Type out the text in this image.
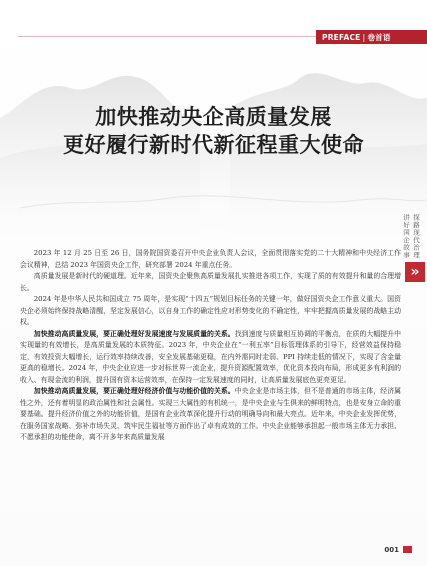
PREFACE | 卷首语
加快推动央企高质量发展
更好履行新时代新征程重大使命
探路现代治理
讲好国企故事
»

2023 年 12 月 25 日至 26 日，国务院国资委召开中央企业负责人会议，全面贯彻落实党的二十大精神和中央经济工作会议精神，总结 2023 年国资央企工作，研究部署 2024 年重点任务。

高质量发展是新时代的硬道理。近年来，国资央企聚焦高质量发展扎实推进各项工作，实现了质的有效提升和量的合理增长。

2024 年是中华人民共和国成立 75 周年，是实现“十四五”规划目标任务的关键一年，做好国资央企工作意义重大。国资央企必须始终保持战略清醒，坚定发展信心，以自身工作的确定性应对形势变化的不确定性，牢牢把握高质量发展的战略主动权。

加快推动高质量发展，要正确处理好发展速度与发展质量的关系。找到速度与质量相互协调的平衡点，在质的大幅提升中实现量的有效增长，是高质量发展的本质特征。2023 年，中央企业在“一利五率”目标管理体系的引导下，经营效益保持稳定，有效投资大幅增长，运行效率持续改善，安全发展基础更稳，在内外需同时走弱、PPI 持续走低的情况下，实现了含金量更高的稳增长。2024 年，中央企业应进一步对标世界一流企业，提升资源配置效率，优化资本投向布局，形成更多有利润的收入、有现金流的利润，提升国有资本运营效率，在保持一定发展速度的同时，让高质量发展底色更亮更足。

加快推动高质量发展，要正确处理好经济价值与功能价值的关系。中央企业是市场主体，但不是普通的市场主体，经济属性之外，还有着明显的政治属性和社会属性。实现三大属性的有机统一，是中央企业与生俱来的鲜明特点，也是安身立命的重要基础。提升经济价值之外的功能价值，是国有企业改革深化提升行动的明确导向和最大亮点。近年来，中央企业发挥优势，在服务国家战略、弥补市场失灵、筑牢民生福祉等方面作出了卓有成效的工作。中央企业能够承担起一般市场主体无力承担、不愿承担的功能使命，离不开多年来高质量发展

001
